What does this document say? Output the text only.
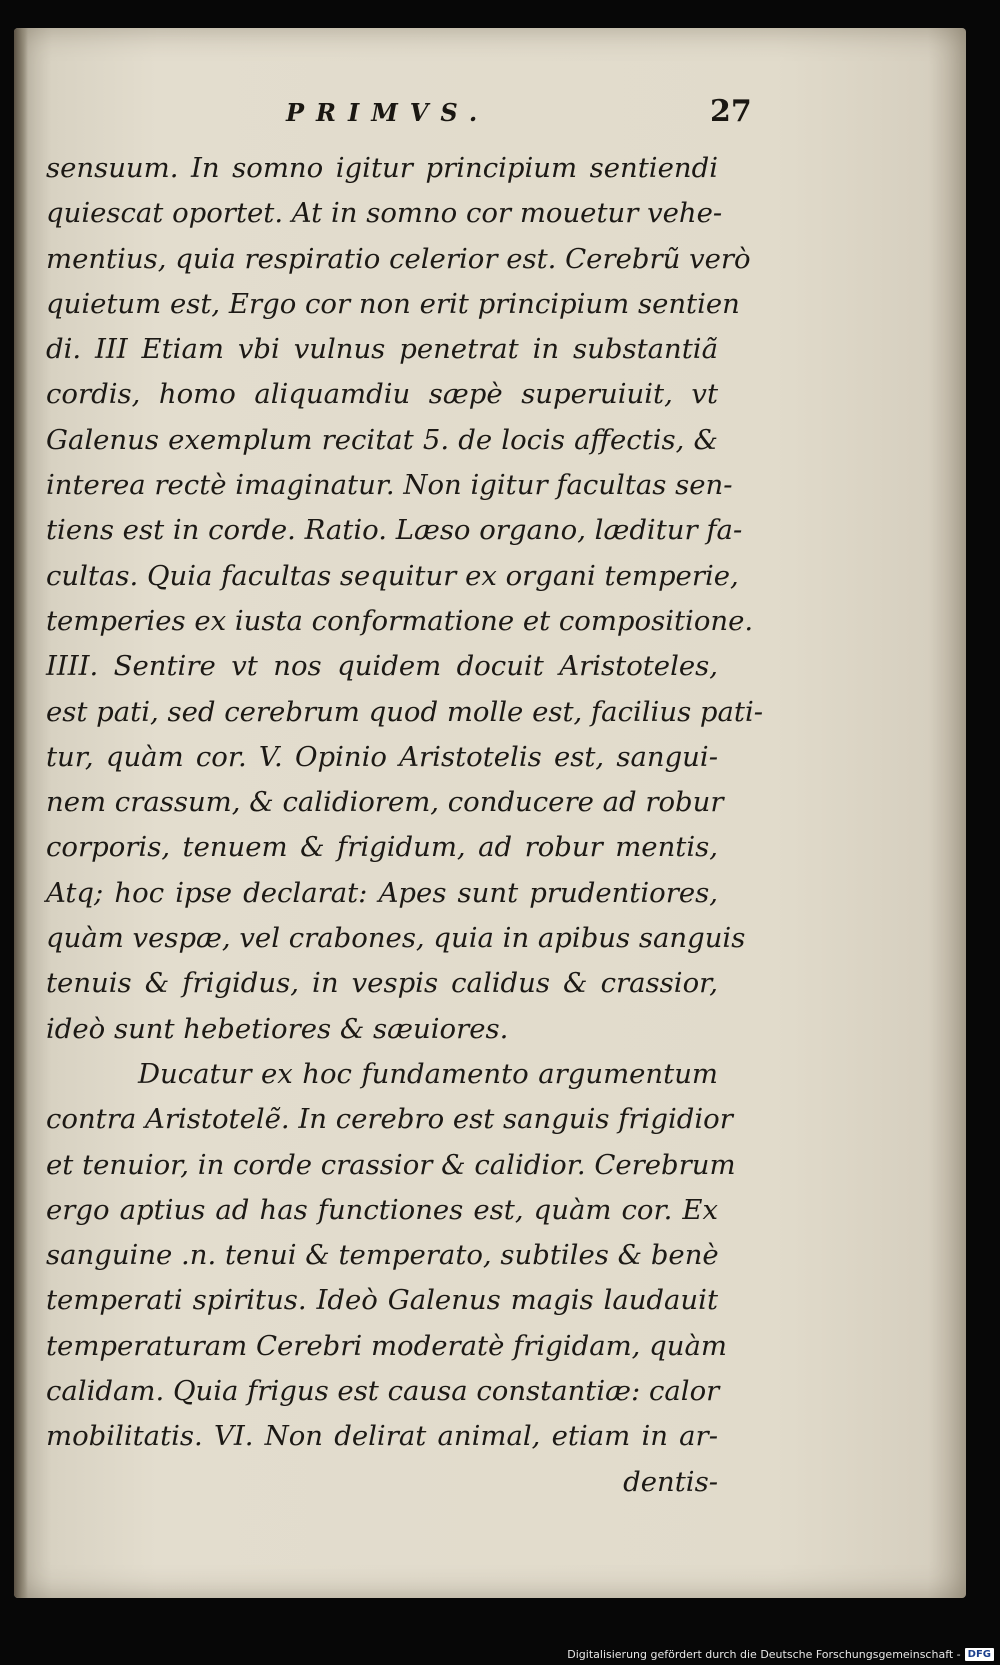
PRIMVS.	27
sensuum. In somno igitur principium sentiendi
quiescat oportet. At in somno cor mouetur vehe-
mentius, quia respiratio celerior est. Cerebrũ verò
quietum est, Ergo cor non erit principium sentien
di. III Etiam vbi vulnus penetrat in substantiã
cordis, homo aliquamdiu sæpè superuiuit, vt
Galenus exemplum recitat 5. de locis affectis, &
interea rectè imaginatur. Non igitur facultas sen-
tiens est in corde. Ratio. Læso organo, læditur fa-
cultas. Quia facultas sequitur ex organi temperie,
temperies ex iusta conformatione et compositione.
IIII. Sentire vt nos quidem docuit Aristoteles,
est pati, sed cerebrum quod molle est, facilius pati-
tur, quàm cor. V. Opinio Aristotelis est, sangui-
nem crassum, & calidiorem, conducere ad robur
corporis, tenuem & frigidum, ad robur mentis,
Atq; hoc ipse declarat: Apes sunt prudentiores,
quàm vespæ, vel crabones, quia in apibus sanguis
tenuis & frigidus, in vespis calidus & crassior,
ideò sunt hebetiores & sæuiores.
Ducatur ex hoc fundamento argumentum
contra Aristotelẽ. In cerebro est sanguis frigidior
et tenuior, in corde crassior & calidior. Cerebrum
ergo aptius ad has functiones est, quàm cor. Ex
sanguine .n. tenui & temperato, subtiles & benè
temperati spiritus. Ideò Galenus magis laudauit
temperaturam Cerebri moderatè frigidam, quàm
calidam. Quia frigus est causa constantiæ: calor
mobilitatis. VI. Non delirat animal, etiam in ar-
dentis-
Digitalisierung gefördert durch die Deutsche Forschungsgemeinschaft - DFG
